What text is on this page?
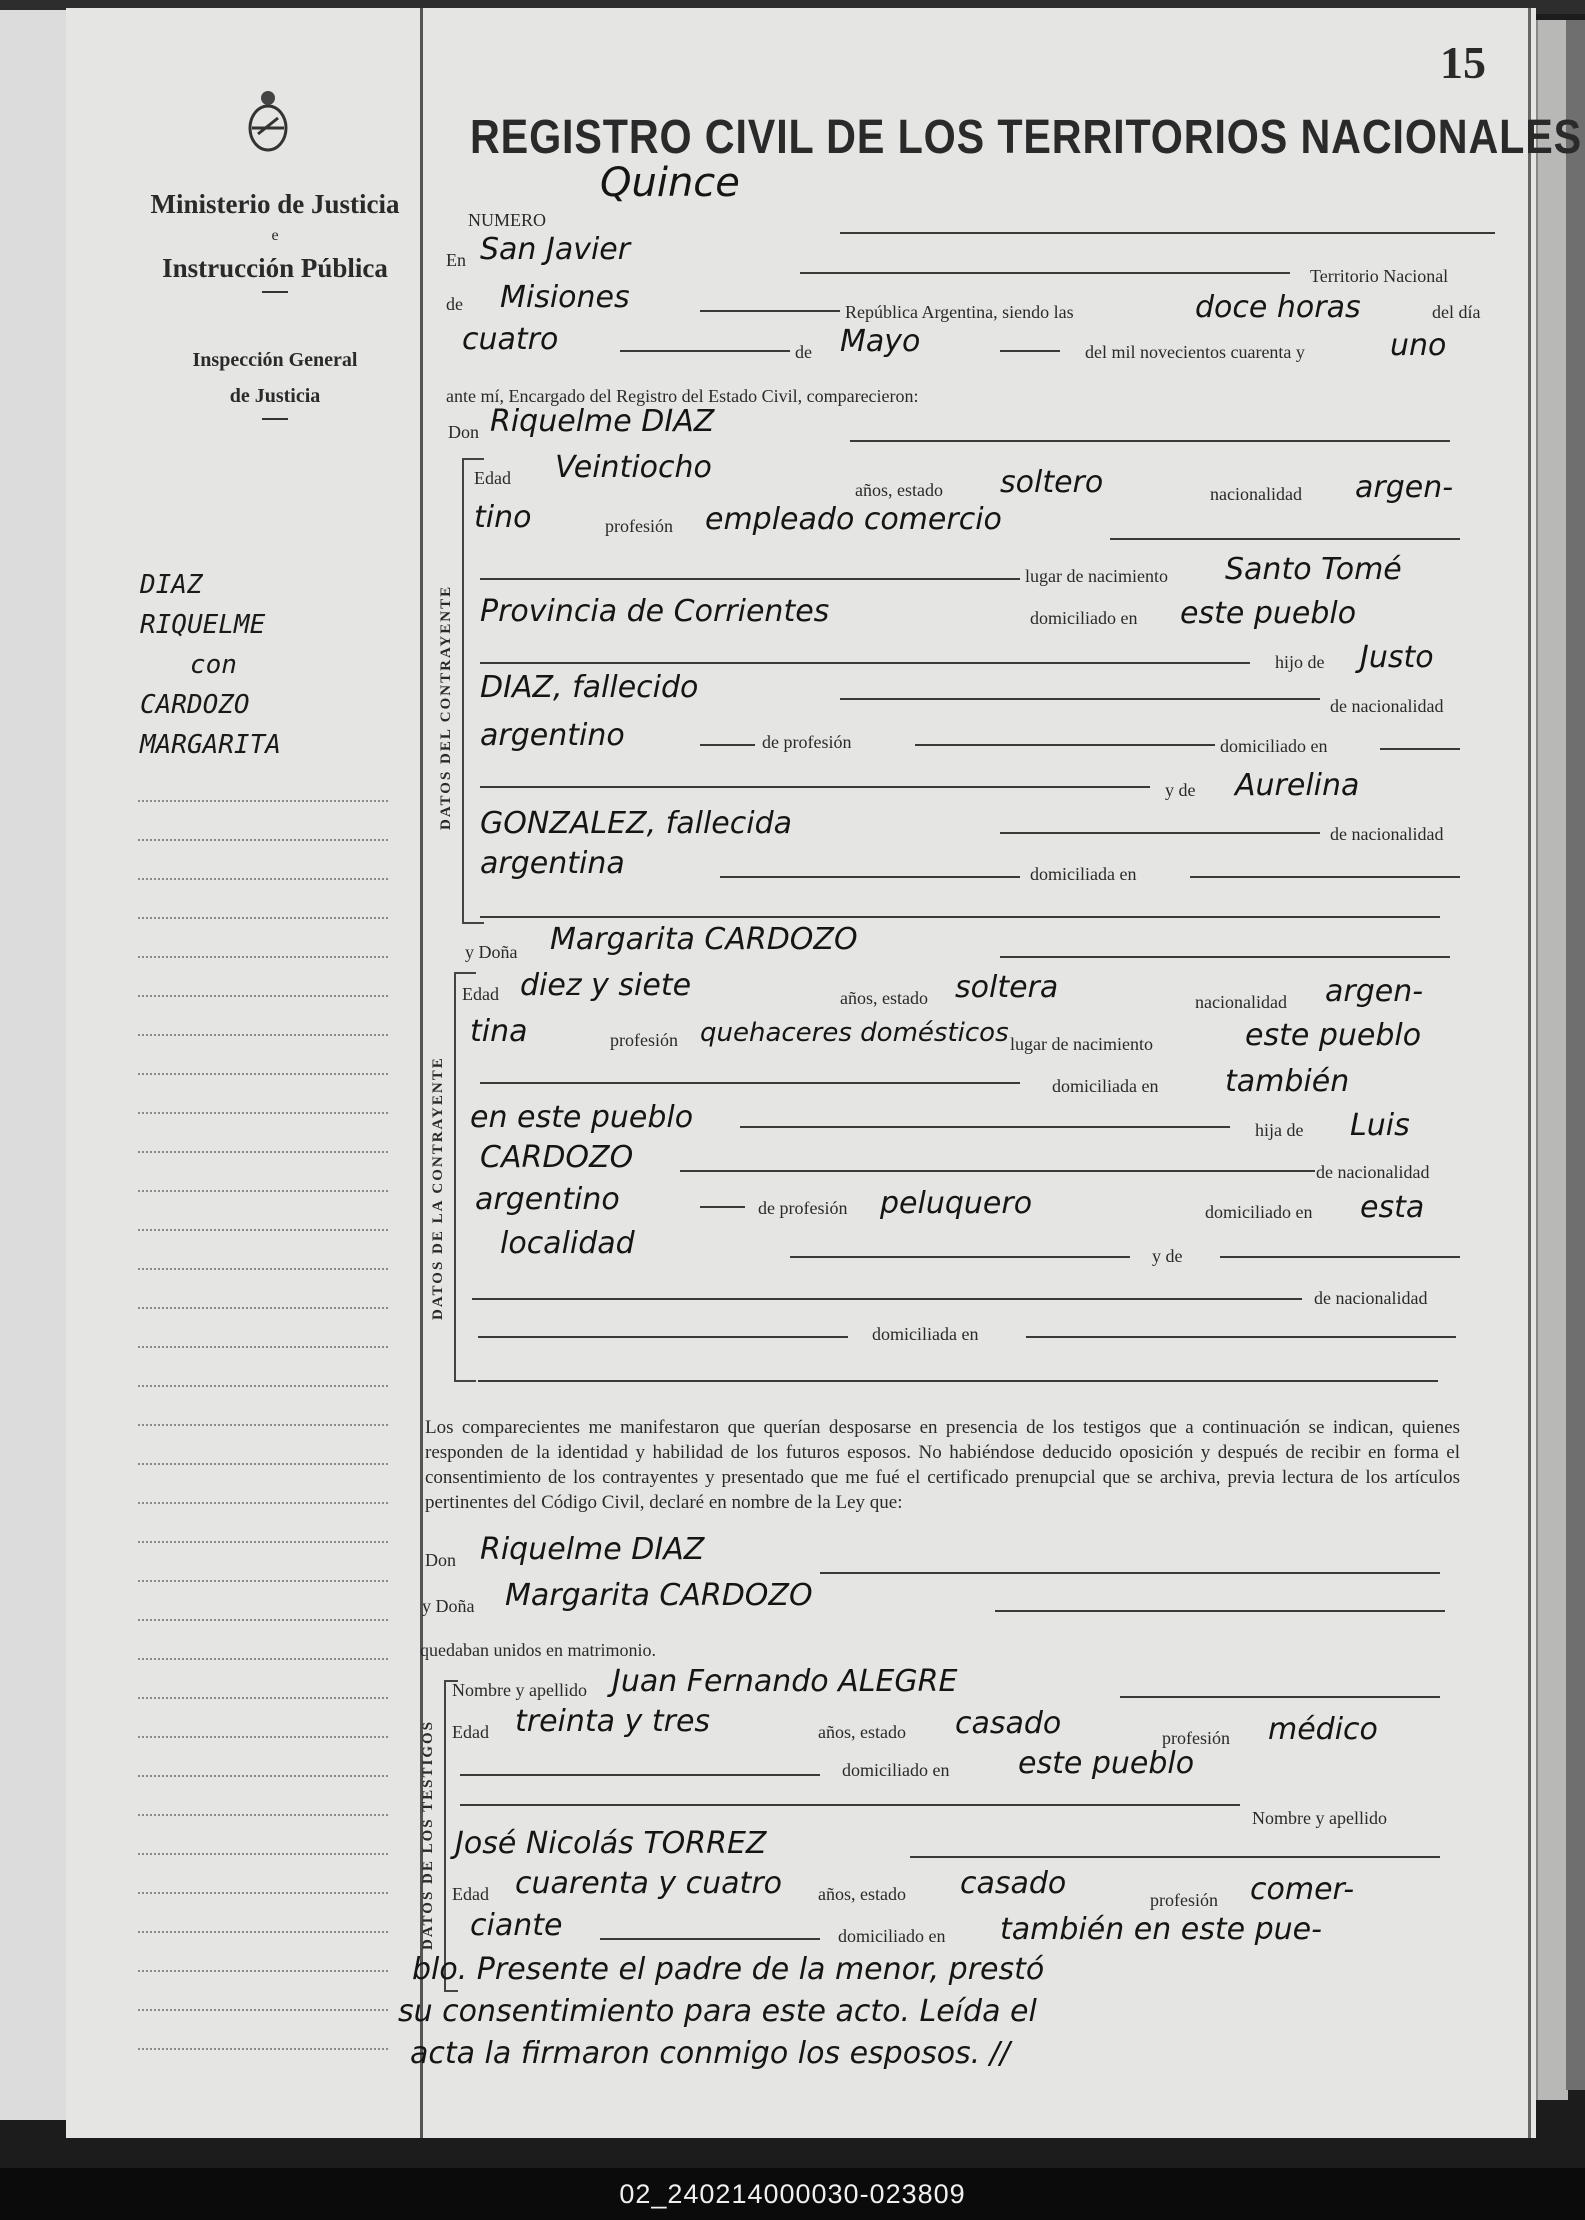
15
REGISTRO CIVIL DE LOS TERRITORIOS NACIONALES
Ministerio de Justicia
e
Instrucción Pública
Inspección General
de Justicia
DIAZ
RIQUELME
con
CARDOZO
MARGARITA
NUMERO
Quince
En San Javier
Territorio Nacional
de Misiones	República Argentina, siendo las	doce horas	del día
cuatro	de Mayo	del mil novecientos cuarenta y	uno
ante mí, Encargado del Registro del Estado Civil, comparecieron:
Don Riquelme DIAZ
DATOS DEL CONTRAYENTE
Edad Veintiocho
años, estado soltero	nacionalidad argen-
tino	profesión empleado comercio
lugar de nacimiento Santo Tomé
Provincia de Corrientes	domiciliado en este pueblo
hijo de Justo
DIAZ, fallecido
de nacionalidad
argentino	de profesión	domiciliado en
y de Aurelina
GONZALEZ, fallecida	de nacionalidad
argentina	domiciliada en
y Doña Margarita CARDOZO
DATOS DE LA CONTRAYENTE
Edad diez y siete	años, estado soltera	nacionalidad argen-
tina	profesión quehaceres domésticos lugar de nacimiento	este pueblo
domiciliada en también
en este pueblo	hija de Luis
CARDOZO	de nacionalidad
argentino	de profesión peluquero	domiciliado en esta
localidad	y de
de nacionalidad
domiciliada en
Los comparecientes me manifestaron que querían desposarse en presencia de los testigos que a continuación se indican, quienes responden de la identidad y habilidad de los futuros esposos. No habiéndose deducido oposición y después de recibir en forma el consentimiento de los contrayentes y presentado que me fué el certificado prenupcial que se archiva, previa lectura de los artículos pertinentes del Código Civil, declaré en nombre de la Ley que:
Don Riquelme DIAZ
y Doña Margarita CARDOZO
quedaban unidos en matrimonio.
DATOS DE LOS TESTIGOS
Nombre y apellido Juan Fernando ALEGRE
Edad treinta y tres	años, estado casado	profesión médico
domiciliado en este pueblo
Nombre y apellido
José Nicolás TORREZ
Edad cuarenta y cuatro años, estado casado	profesión comer-
ciante	domiciliado en también en este pue-
blo. Presente el padre de la menor, prestó
su consentimiento para este acto. Leída el
acta la firmaron conmigo los esposos. //
02_240214000030-023809
